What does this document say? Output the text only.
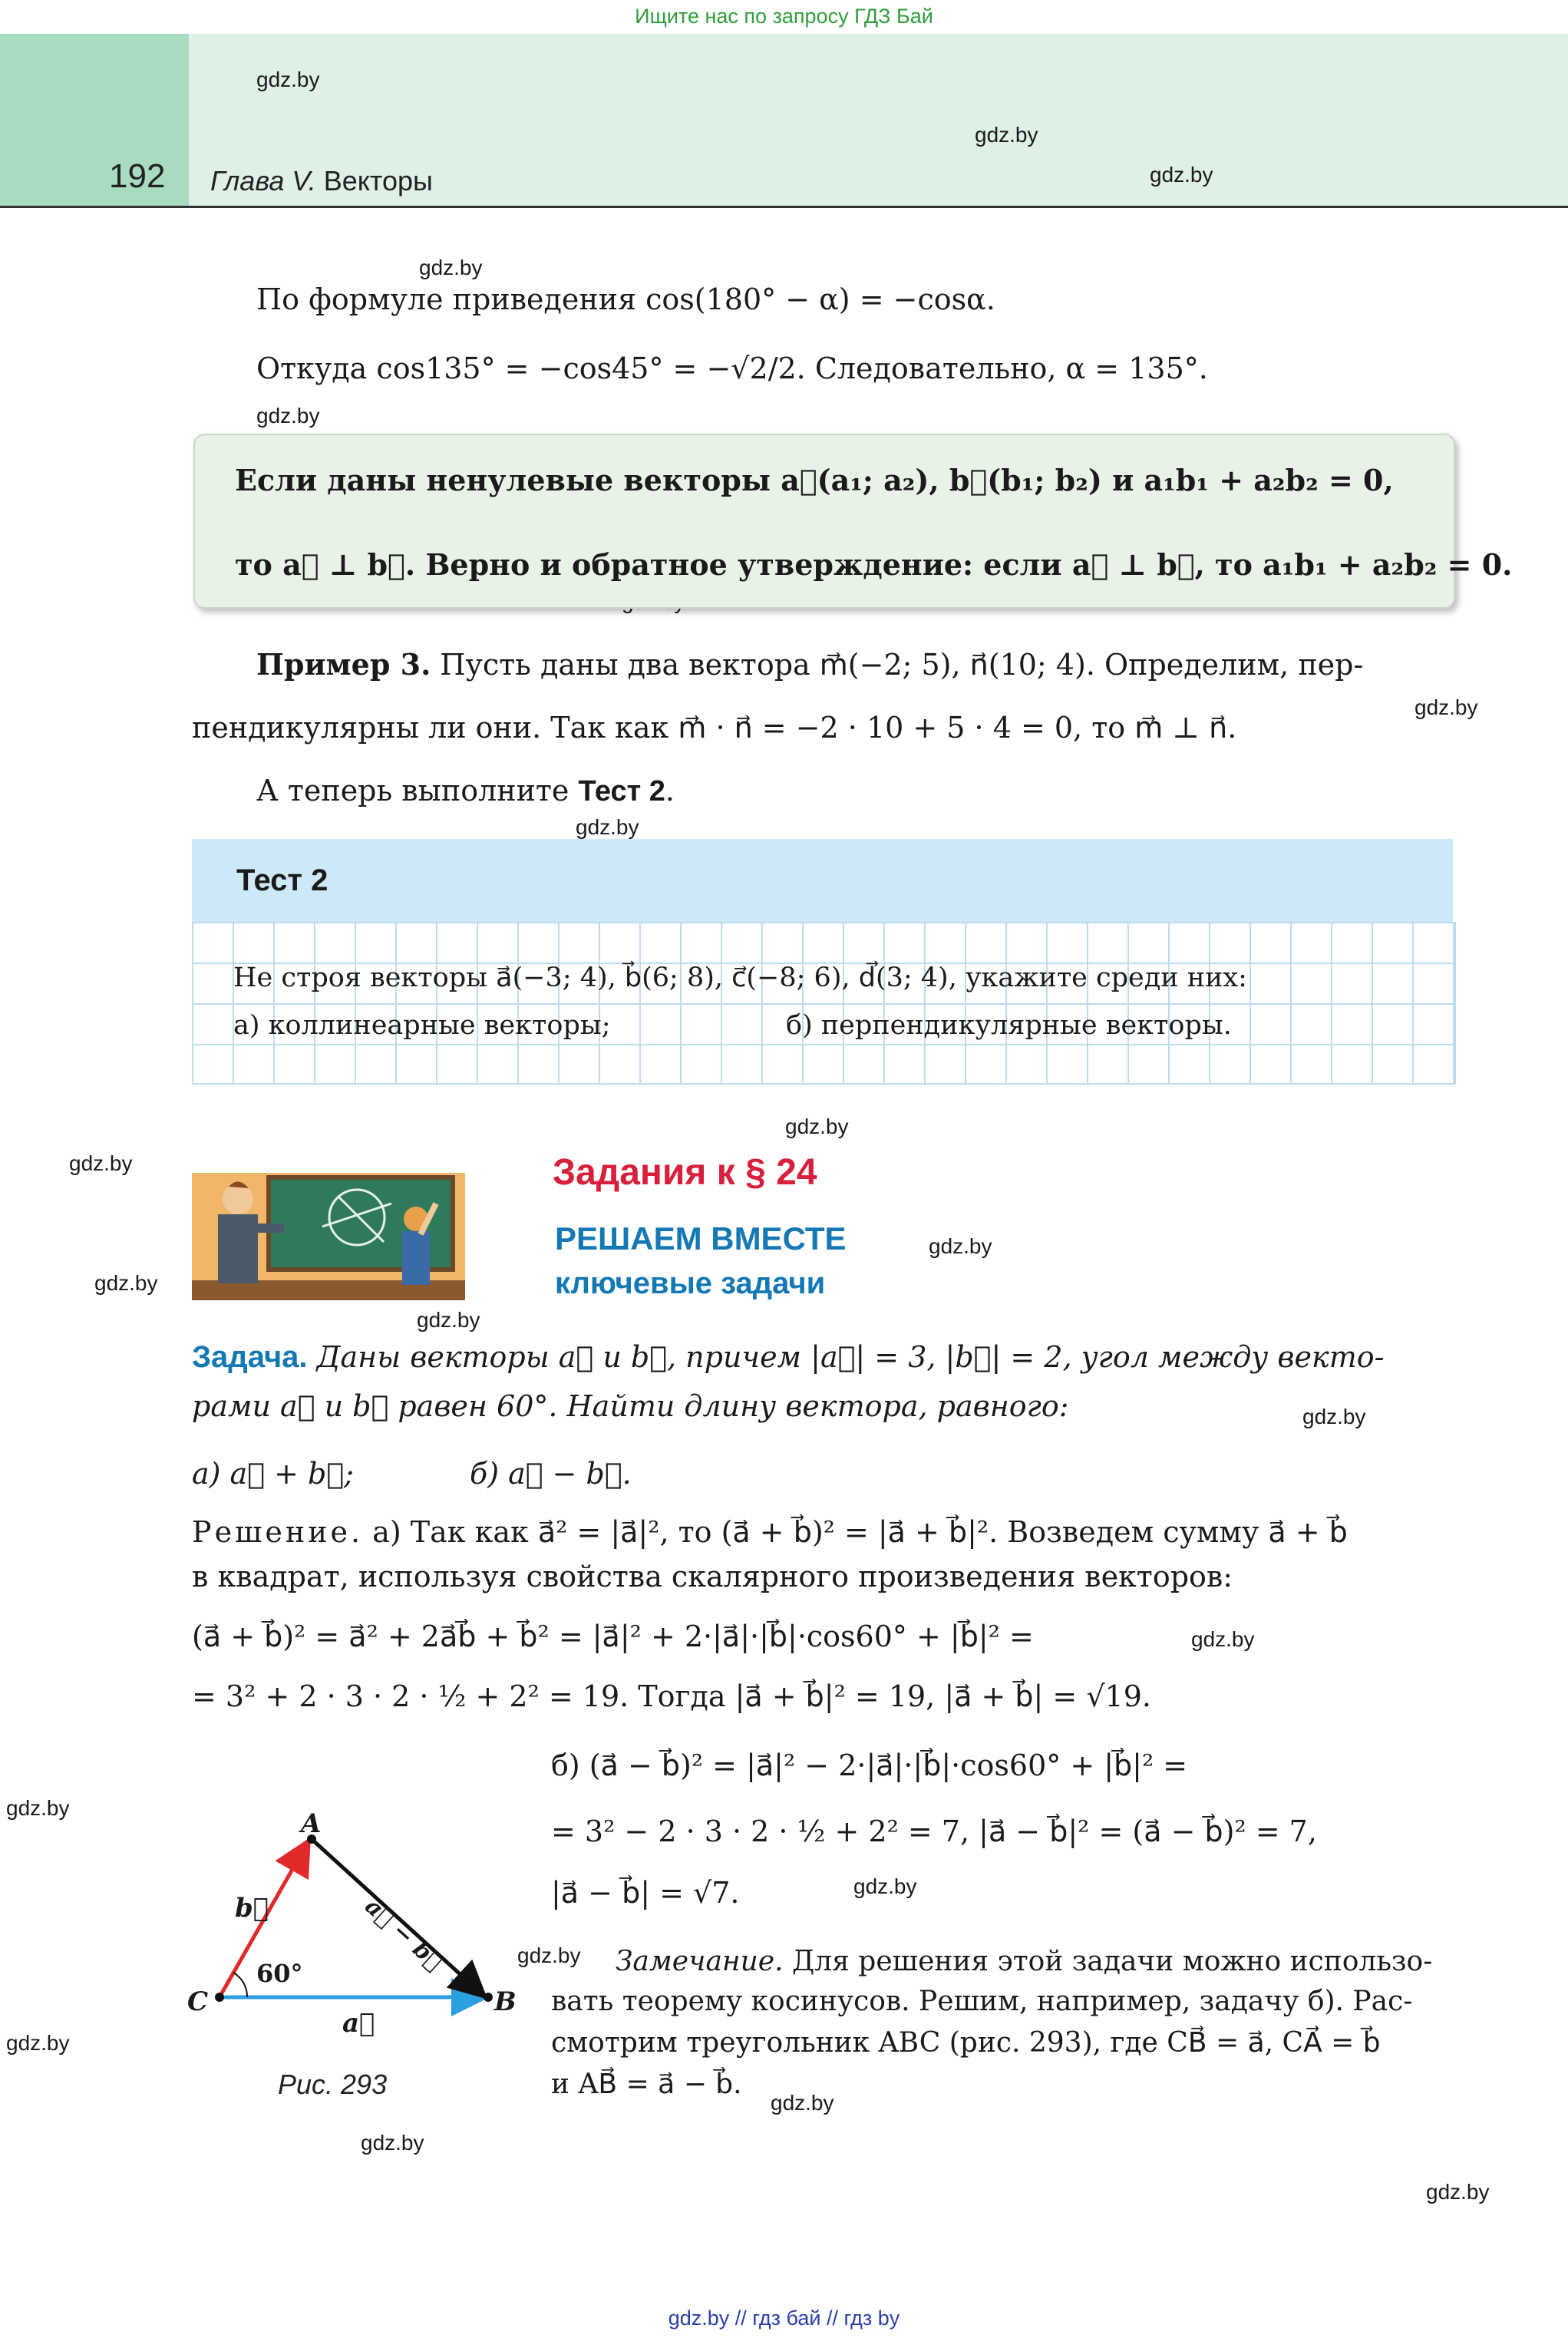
Ищите нас по запросу ГДЗ Бай
192 Глава V. Векторы
gdz.by
gdz.by
gdz.by
gdz.by
gdz.by
gdz.by
gdz.by
gdz.by
gdz.by
gdz.by
gdz.by
gdz.by
gdz.by
gdz.by
gdz.by
gdz.by
gdz.by
gdz.by
gdz.by
gdz.by
gdz.by
По формуле приведения cos(180° − α) = −cosα.
Откуда cos135° = −cos45° = −√2/2. Следовательно, α = 135°.
Если даны ненулевые векторы a⃗(a₁; a₂), b⃗(b₁; b₂) и a₁b₁ + a₂b₂ = 0,
то a⃗ ⊥ b⃗. Верно и обратное утверждение: если a⃗ ⊥ b⃗, то a₁b₁ + a₂b₂ = 0.
Пример 3. Пусть даны два вектора m⃗(−2; 5), n⃗(10; 4). Определим, пер-
пендикулярны ли они. Так как m⃗ · n⃗ = −2 · 10 + 5 · 4 = 0, то m⃗ ⊥ n⃗.
А теперь выполните Тест 2.
Тест 2
Не строя векторы a⃗(−3; 4), b⃗(6; 8), c⃗(−8; 6), d⃗(3; 4), укажите среди них:
а) коллинеарные векторы;	б) перпендикулярные векторы.
Задания к § 24
РЕШАЕМ ВМЕСТЕ
ключевые задачи
Задача. Даны векторы a⃗ и b⃗, причем |a⃗| = 3, |b⃗| = 2, угол между векто-
рами a⃗ и b⃗ равен 60°. Найти длину вектора, равного:
а) a⃗ + b⃗;	б) a⃗ − b⃗.
Решение. а) Так как a⃗² = |a⃗|², то (a⃗ + b⃗)² = |a⃗ + b⃗|². Возведем сумму a⃗ + b⃗
в квадрат, используя свойства скалярного произведения векторов:
(a⃗ + b⃗)² = a⃗² + 2a⃗b⃗ + b⃗² = |a⃗|² + 2·|a⃗|·|b⃗|·cos60° + |b⃗|² =
= 3² + 2 · 3 · 2 · ½ + 2² = 19. Тогда |a⃗ + b⃗|² = 19, |a⃗ + b⃗| = √19.
б) (a⃗ − b⃗)² = |a⃗|² − 2·|a⃗|·|b⃗|·cos60° + |b⃗|² =
= 3² − 2 · 3 · 2 · ½ + 2² = 7, |a⃗ − b⃗|² = (a⃗ − b⃗)² = 7,
|a⃗ − b⃗| = √7.
A
B
C
60°
a⃗
b⃗	a⃗ − b⃗
Рис. 293
Замечание. Для решения этой задачи можно использо-
вать теорему косинусов. Решим, например, задачу б). Рас-
смотрим треугольник ABC (рис. 293), где CB⃗ = a⃗, CA⃗ = b⃗
и AB⃗ = a⃗ − b⃗.
gdz.by // гдз бай // гдз by
